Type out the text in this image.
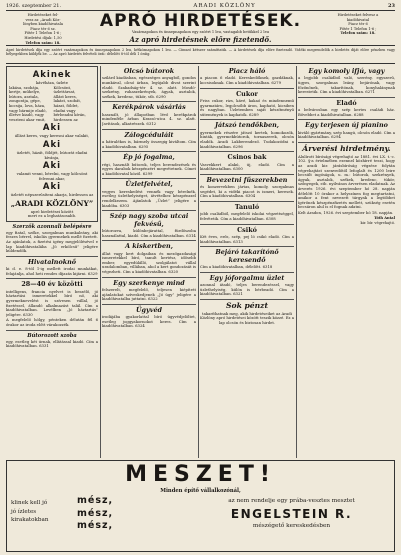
1926. szeptember 21.	ARADI KÖZLÖNY	23
Hirdetéseket fel-
vesz az „Aradi Köz-
lönyben kiadóhivatala
Piacz tér 6 sz.
Főtér 1 Telefon 1-6 ;
Hirdetési díjak: 1,50
Telefon szám: 18.
APRÓ HIRDETÉSEK.
Vasárnapokon és ünnepnapokon egy szóért 1 leu, vastagabb betűkkel 2 leu
Az apró hirdetésnek előre fizetendő.
Hirdetéseket felvesz a
kiadóhivatal
Piacz tér 6
Főtér 1 Telefon 1-6 ;
Telefon szám: 18.
Apró hirdetések díja egy szóért vasárnapokon és ünnepnapokon 2 leu, hétköznapokon 1 leu. — Címszó kétszer számíttatik. — A hirdetések díja előre fizetendő. Vidéki megrendelők a hirdetés díját előre pénzben vagy bélyegekben küldjék be. — Az apró hirdetés felvételi órái: délelőtt 8-tól déli 1 óráig.
Akinek
kávéháza, üzlete
lakása, szobája,
kertje, műhelye,
bútora, asztala,
zongorája, gépe,
kocsija, lova, háza,
vagy bármije eladó,
illetve kiadó, vagy
veszteni akar vmit,
Kölcsönt,
üzlettársat,
állást keres,
lakást, szobát,
házat, földet,
eladni vagy
bérbeadni kíván,
hirdessen az
Aki
állást keres, vagy keresni akar valakit,
Aki
üzletét, házát, földjét, bútorát eladni kívánja,
Aki
valamit venni, bérelni, vagy kölcsönt felvenni akar,
Aki
üzletét népszerűsíteni akarja, hirdessen az
„ARADI KÖZLÖNY”
apró hirdetései között
mert ez a leghatásosabb.
Szerzők azonnali belépésre
egy fiatal, szőke, szorgalmas munkaleány, aki feszes bérrel, iskolás gyermekek mellé fizetett. Az ajánlatok, a fizetési igény megjelölésével e lap kiadóhivatalába „Jó erkölcsű” jeligére küldendők.
Hivatalnoknő
ki d. e. 8-tól 1-ig mellett irodai munkákat, felajánlja, ahol heti rendes díjazás kijárni. 6329
28—40 év közötti
intelligens, francia nyelvet is beszélő, jó háztartási ismeretekkel bíró nő, aki gyermeknevelést is szívesen vállal, jó fizetéssel, állandó alkalmazást talál. Cím a kiadóhivatalban. Levélben „Jó háztartás” jeligére. 6330
A megfelelő hölgy, pénteken délután fél 6 órakor az iroda előtt várakozzék.
Bútorozott szoba
egy, esetleg két úrnak, ellátással kiadó. Cím a kiadóhivatalban. 6331
Olcsó bútorok
szilárd kiadásban, egészséges anyagból, gondos munkával, olcsó árban, legújabb divat szerint eladó. Szabadság-tér 4. sz. alatt. Mosdó-szekrény, ruhaszekrények, ágyak, asztalok, székek, kredenc, tükör, stb. 6290
Kerékpárok vásárlás
használt, jó állapotban lévő kerékpárok mindenféle árban Krassó-utca 4. sz. alatt. Javítások, alkatrészek. 6312
Zálogcéduláit
a hátralékos is, bármely összegig kiváltom. Cím a kiadóhivatalban. 6295
Ép jó fogalma,
régi, használt bútorok, teljes berendezések és egyes darabok készpénzért megvétetnek. Címet a kiadóhivatal közöl. 6299
Üzletfelvétel,
vegyes kereskedést vennék vagy bérelnék, esetleg üzlethelyiséget, átvételhez készpénzzel rendelkezem. Ajánlatok „Üzlet” jeligére a kiadóba. 6303
Szép nagy szoba utcai fekvésű,
bútorozva, különbejárattal, fürdőszoba használattal, kiadó. Cím a kiadóhivatalban. 6314
A kiskertben,
állat vagy kert dolgaiban és mezőgazdasági ismeretekkel bíró, tanult kertész, idősebb ember, egyedülálló, szolgálatot vállal uradalomban, villában, ahol a kert gondozását is végezheti. Cím a kiadóhivatalban. 6320
Egy szerkenye mind
felszerelt, megfelelő, teljesen kiépített ajánlatokat szíveskedjenek „Jó ügy” jeligére a kiadóhivatalba juttatni. 6322
Ügyvéd
irodájába gyakorlattal bíró ügyvédjelöltet, esetleg joggyakornokot keres. Cím a kiadóhivatalban. 6324
Piacz háló
a piacon 6 eladó. Kereskedőknek, gazdáknak, kocsisoknak. Cím a kiadóhivatalban. 6279
Cukor
Friss cukor, rizs, kávé, kakaó és mindennemű gyarmatáru, legolcsóbb áron, kapható, kicsiben és nagyban. Üzletemben saját készítményű sütemények is kaphatók. 6289
Játszó tendőkben,
gyermekek részére játszó kertek, homokozók, hinták, gyermekbútorok, tornaszerek, olcsón eladók. Aradi Lakberendező. Tudakozódni a kiadóhivatalban. 6296
Csinos bak
Vasvekkert alakú, új, eladó. Cím a kiadóhivatalban. 6300
Bevezetni fűszerekben
és konzervekben jártas, komoly, szorgalmas segédet, ki a vidéki piacot is ismeri, keresek. Cím a kiadóhivatalban. 6304
Tanuló
jobb családból, megfelelő iskolai végzettséggel, felvétetik. Cím a kiadóhivatalban. 6308
Csikó
Két éves, erős, szép, pej ló csikó eladó. Cím a kiadóhivatalban. 6313
Bejáró takarítónő keresendő
Cím a kiadóhivatalban, délelőtt. 6318
Egy jóforgalmu üzlet
azonnal átadó, teljes berendezéssel, vagy üzlethelyiség, külön is bérbeadó. Cím a kiadóhivatalban. 6321
Sok pénzt
takaríthatnak meg, akik hirdetéseiket az Aradi Közlöny apró hirdetései között teszik közzé. Ez a lap olcsón és biztosan hirdet.
Egy komoly ifjú, vagy
a legjobb családból való, szerény, egyszerű, ügyes, szorgalmas leány, bejárónak, vagy főzőnőnek, takarítónak, konyhalánynak kerestetik. Cím a kiadóhivatalban. 6271
Eladó
a belvárosban egy szép kertes családi ház. Bővebbet a kiadóhivatalban. 6288
Egy terjesen új pianino
kiváló gyártmány, szép hangú, olcsón eladó. Cím a kiadóhivatalban. 6294
Árverési hirdetmény.
Alulírott bírósági végrehajtó az 1881. évi LX. t.-c. 102. §-a értelmében ezennel közhírré teszi, hogy az aradi kir. járásbíróság végzése folytán végrehajtást szenvedőtől lefoglalt és 1200 leire becsült ingóságok, u. m.: bútorok, szekrények, ágyak, asztalok, székek, kredenc, tükör, szőnyegek, stb. nyilvános árverésen eladatnak. Az árverés 1926. évi szeptember hó 28. napján délelőtt 10 órakor a helyszínen fog megtartatni, amikor a fent nevezett tárgyak a legtöbbet ígérőnek készpénzfizetés mellett, szükség esetén becsáron alul is el fognak adatni.
Kelt Aradon, 1926. évi szeptember hó 18. napján.
Tóth Antal
kir. bír. végrehajtó.
MESZET!
Minden építő vállalkozónál,
klinek kell jó
jó ízletes
kirakatokban
mész,
mész,
mész,
az nem rendelje egy prába-vesztes mesztet
ENGELSTEIN R.
mészégető kereskedésben
